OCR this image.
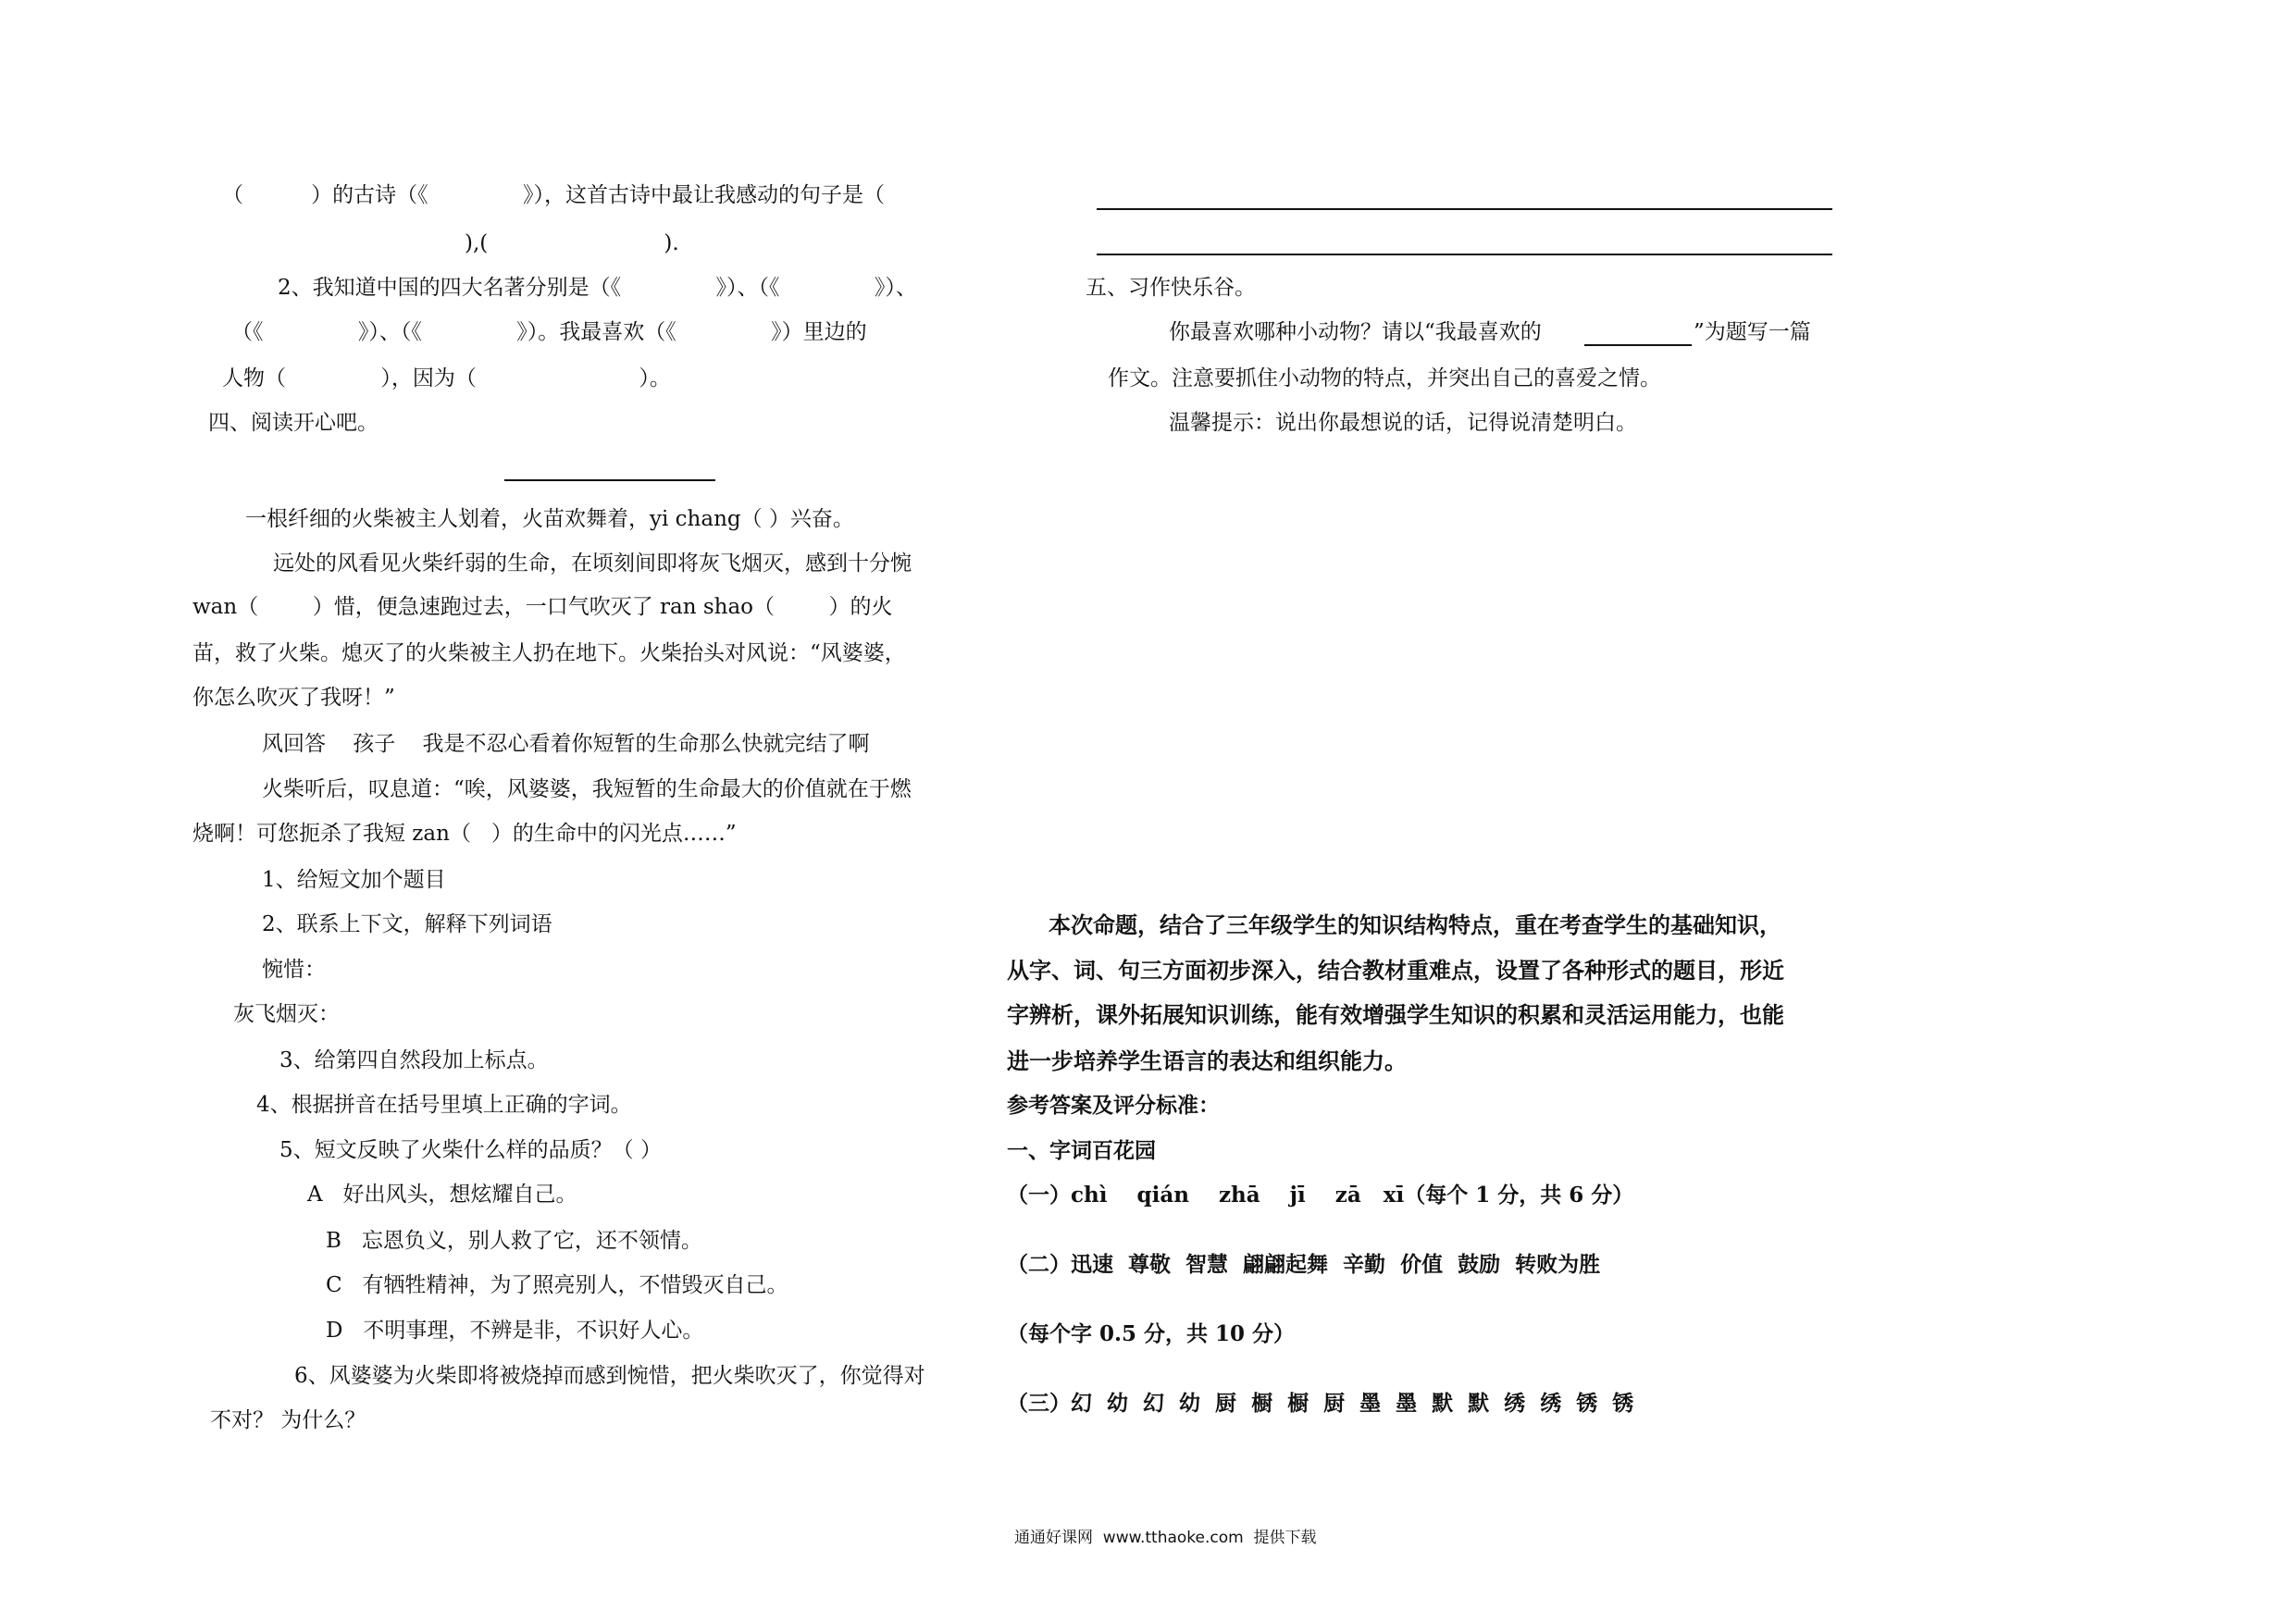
（          ）的古诗（《              》），这首古诗中最让我感动的句子是（
),(                          ).
2、我知道中国的四大名著分别是（《              》）、（《              》）、
（《              》）、（《              》）。我最喜欢（《              》）里边的
人物（              ），因为（                        ）。
四、阅读开心吧。
一根纤细的火柴被主人划着，火苗欢舞着，yi chang（ ）兴奋。
远处的风看见火柴纤弱的生命，在顷刻间即将灰飞烟灭，感到十分惋
wan（        ）惜，便急速跑过去，一口气吹灭了 ran shao（        ）的火
苗，救了火柴。熄灭了的火柴被主人扔在地下。火柴抬头对风说：“风婆婆，
你怎么吹灭了我呀！”
风回答    孩子    我是不忍心看着你短暂的生命那么快就完结了啊
火柴听后，叹息道：“唉，风婆婆，我短暂的生命最大的价值就在于燃
烧啊！可您扼杀了我短 zan（   ）的生命中的闪光点……”
1、给短文加个题目
2、联系上下文，解释下列词语
惋惜：
灰飞烟灭：
3、给第四自然段加上标点。
4、根据拼音在括号里填上正确的字词。
5、短文反映了火柴什么样的品质？（ ）
A   好出风头，想炫耀自己。
B   忘恩负义，别人救了它，还不领情。
C   有牺牲精神，为了照亮别人，不惜毁灭自己。
D   不明事理，不辨是非，不识好人心。
6、风婆婆为火柴即将被烧掉而感到惋惜，把火柴吹灭了，你觉得对
不对？ 为什么？
五、习作快乐谷。
你最喜欢哪种小动物？请以“我最喜欢的	”为题写一篇
作文。注意要抓住小动物的特点，并突出自己的喜爱之情。
温馨提示：说出你最想说的话，记得说清楚明白。
本次命题，结合了三年级学生的知识结构特点，重在考查学生的基础知识，
从字、词、句三方面初步深入，结合教材重难点，设置了各种形式的题目，形近
字辨析，课外拓展知识训练，能有效增强学生知识的积累和灵活运用能力，也能
进一步培养学生语言的表达和组织能力。
参考答案及评分标准：
一、字词百花园
（一）chì    qián    zhā    jī    zā   xī（每个 1 分，共 6 分）
（二）迅速  尊敬  智慧  翩翩起舞  辛勤  价值  鼓励  转败为胜
（每个字 0.5 分，共 10 分）
（三）幻  幼  幻  幼  厨  橱  橱  厨  墨  墨  默  默  绣  绣  锈  锈
通通好课网  www.tthaoke.com  提供下载
